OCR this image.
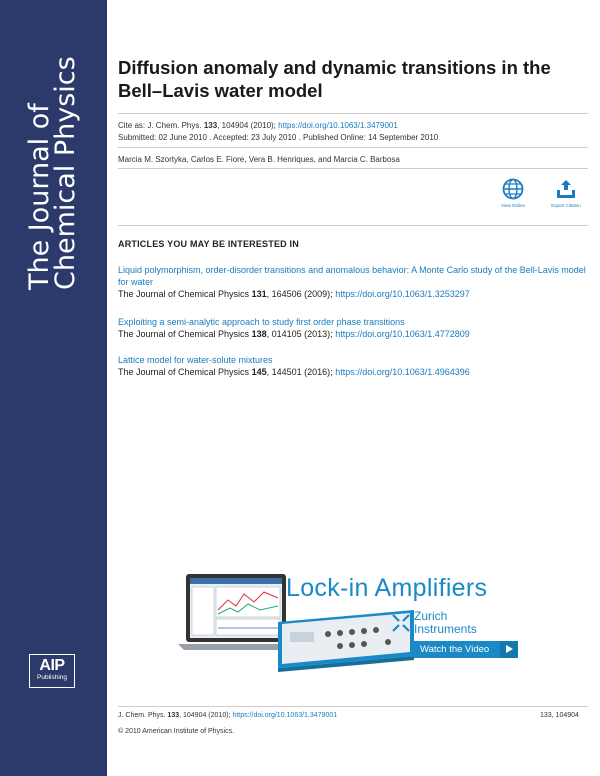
The Journal of
Chemical Physics
AIP
Publishing
Diffusion anomaly and dynamic transitions in the Bell–Lavis water model
Cite as: J. Chem. Phys. 133, 104904 (2010); https://doi.org/10.1063/1.3479001
Submitted: 02 June 2010 . Accepted: 23 July 2010 . Published Online: 14 September 2010
Marcia M. Szortyka, Carlos E. Fiore, Vera B. Henriques, and Marcia C. Barbosa
View Online	Export Citation
ARTICLES YOU MAY BE INTERESTED IN
Liquid polymorphism, order-disorder transitions and anomalous behavior: A Monte Carlo study of the Bell-Lavis model for water
The Journal of Chemical Physics 131, 164506 (2009); https://doi.org/10.1063/1.3253297
Exploiting a semi-analytic approach to study first order phase transitions
The Journal of Chemical Physics 138, 014105 (2013); https://doi.org/10.1063/1.4772809
Lattice model for water-solute mixtures
The Journal of Chemical Physics 145, 144501 (2016); https://doi.org/10.1063/1.4964396
Lock-in Amplifiers
Zurich
Instruments
Watch the Video
J. Chem. Phys. 133, 104904 (2010); https://doi.org/10.1063/1.3479001	133, 104904
© 2010 American Institute of Physics.
